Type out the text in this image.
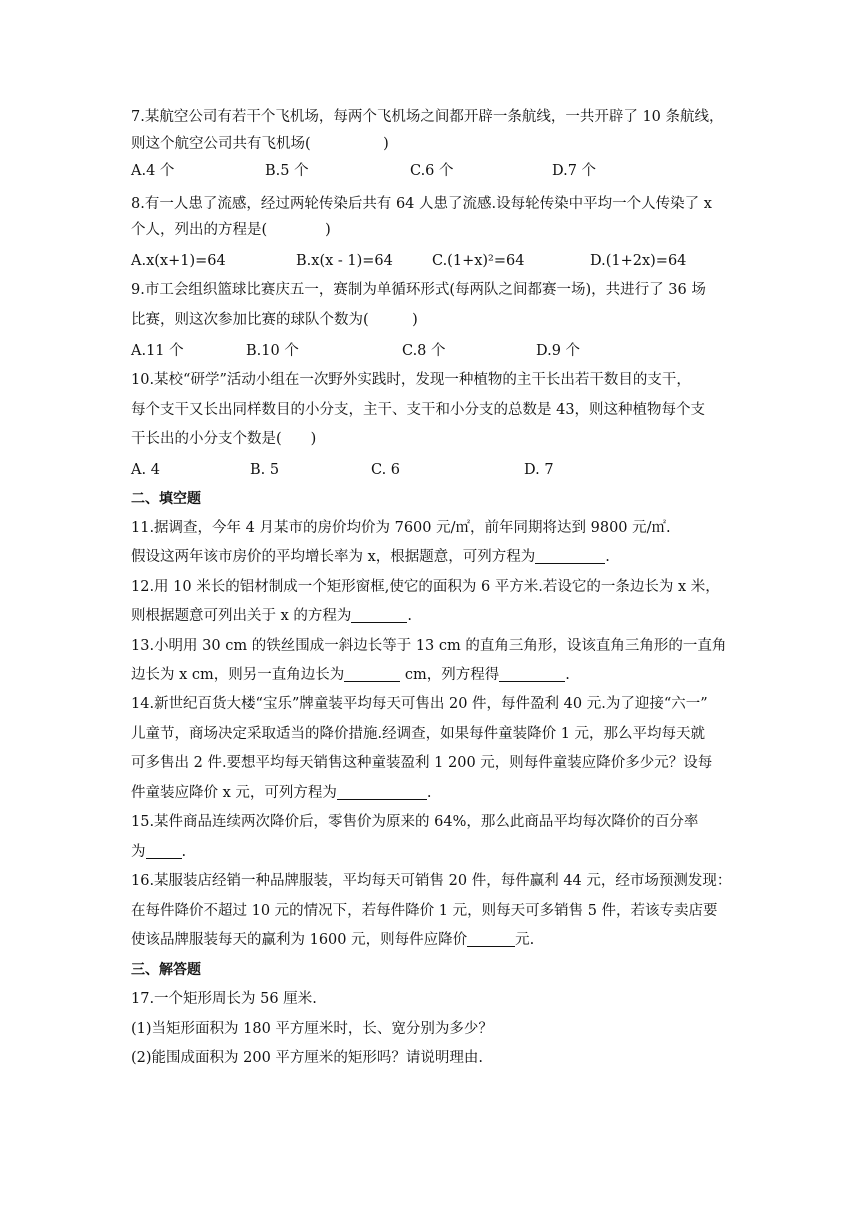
7.某航空公司有若干个飞机场，每两个飞机场之间都开辟一条航线，一共开辟了 10 条航线，
则这个航空公司共有飞机场(　　　　　)
A.4 个	B.5 个	C.6 个	D.7 个
8.有一人患了流感，经过两轮传染后共有 64 人患了流感.设每轮传染中平均一个人传染了 x
个人，列出的方程是(　　　　)
A.x(x+1)=64	B.x(x - 1)=64	C.(1+x)²=64	D.(1+2x)=64
9.市工会组织篮球比赛庆五一，赛制为单循环形式(每两队之间都赛一场)，共进行了 36 场
比赛，则这次参加比赛的球队个数为(　　　)
A.11 个	B.10 个	C.8 个	D.9 个
10.某校“研学”活动小组在一次野外实践时，发现一种植物的主干长出若干数目的支干，
每个支干又长出同样数目的小分支，主干、支干和小分支的总数是 43，则这种植物每个支
干长出的小分支个数是(　　)
A. 4	B. 5	C. 6	D. 7
二、填空题
11.据调查，今年 4 月某市的房价均价为 7600 元/㎡，前年同期将达到 9800 元/㎡.
假设这两年该市房价的平均增长率为 x，根据题意，可列方程为	.
12.用 10 米长的铝材制成一个矩形窗框,使它的面积为 6 平方米.若设它的一条边长为 x 米，
则根据题意可列出关于 x 的方程为	.
13.小明用 30 cm 的铁丝围成一斜边长等于 13 cm 的直角三角形，设该直角三角形的一直角
边长为 x cm，则另一直角边长为	cm，列方程得	.
14.新世纪百货大楼“宝乐”牌童装平均每天可售出 20 件，每件盈利 40 元.为了迎接“六一”
儿童节，商场决定采取适当的降价措施.经调查，如果每件童装降价 1 元，那么平均每天就
可多售出 2 件.要想平均每天销售这种童装盈利 1 200 元，则每件童装应降价多少元？设每
件童装应降价 x 元，可列方程为	.
15.某件商品连续两次降价后，零售价为原来的 64%，那么此商品平均每次降价的百分率
为 .
16.某服装店经销一种品牌服装，平均每天可销售 20 件，每件赢利 44 元，经市场预测发现：
在每件降价不超过 10 元的情况下，若每件降价 1 元，则每天可多销售 5 件，若该专卖店要
使该品牌服装每天的赢利为 1600 元，则每件应降价	元.
三、解答题
17.一个矩形周长为 56 厘米.
(1)当矩形面积为 180 平方厘米时，长、宽分别为多少？
(2)能围成面积为 200 平方厘米的矩形吗？请说明理由.
